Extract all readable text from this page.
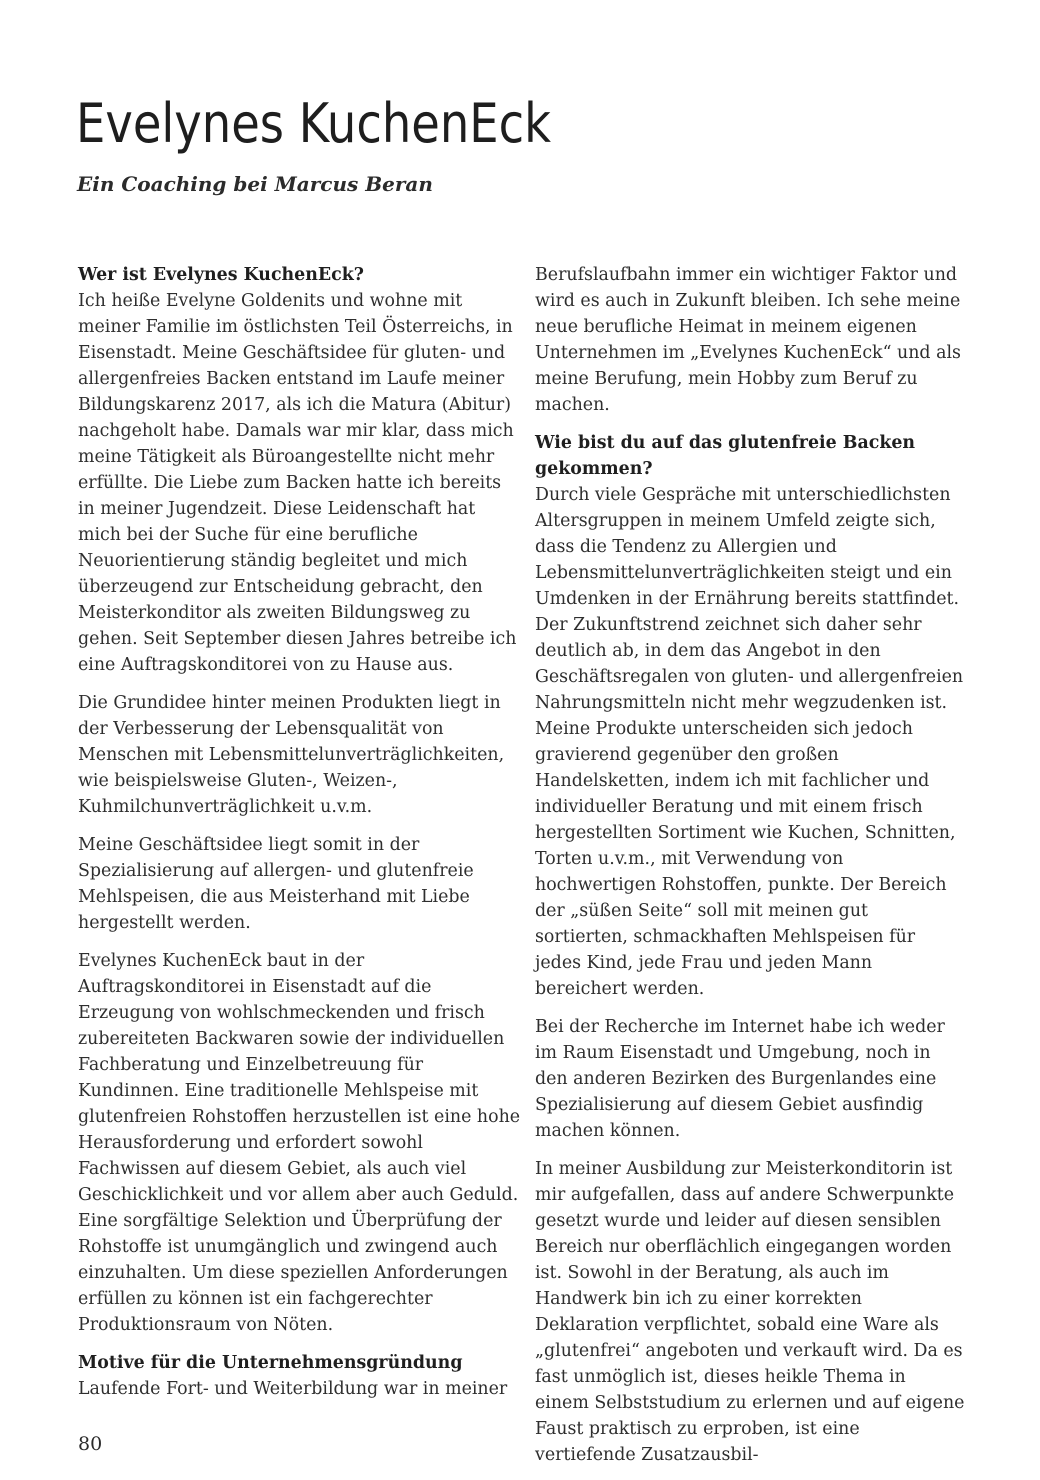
Evelynes KuchenEck
Ein Coaching bei Marcus Beran
Wer ist Evelynes KuchenEck?

Ich heiße Evelyne Goldenits und wohne mit meiner Familie im östlichsten Teil Österreichs, in Eisenstadt. Meine Geschäftsidee für gluten- und allergenfreies Backen entstand im Laufe meiner Bildungskarenz 2017, als ich die Matura (Abitur) nachgeholt habe. Damals war mir klar, dass mich meine Tätigkeit als Büroangestellte nicht mehr erfüllte. Die Liebe zum Backen hatte ich bereits in meiner Jugendzeit. Diese Leidenschaft hat mich bei der Suche für eine berufliche Neuorientierung ständig begleitet und mich überzeugend zur Entscheidung gebracht, den Meisterkonditor als zweiten Bildungsweg zu gehen. Seit September diesen Jahres betreibe ich eine Auftragskonditorei von zu Hause aus.

Die Grundidee hinter meinen Produkten liegt in der Verbesserung der Lebensqualität von Menschen mit Lebensmittelunverträglichkeiten, wie beispielsweise Gluten-, Weizen-, Kuhmilchunverträglichkeit u.v.m.

Meine Geschäftsidee liegt somit in der Spezialisierung auf allergen- und glutenfreie Mehlspeisen, die aus Meisterhand mit Liebe hergestellt werden.

Evelynes KuchenEck baut in der Auftragskonditorei in Eisenstadt auf die Erzeugung von wohlschmeckenden und frisch zubereiteten Backwaren sowie der individuellen Fachberatung und Einzelbetreuung für Kundinnen. Eine traditionelle Mehlspeise mit glutenfreien Rohstoffen herzustellen ist eine hohe Herausforderung und erfordert sowohl Fachwissen auf diesem Gebiet, als auch viel Geschicklichkeit und vor allem aber auch Geduld. Eine sorgfältige Selektion und Überprüfung der Rohstoffe ist unumgänglich und zwingend auch einzuhalten. Um diese speziellen Anforderungen erfüllen zu können ist ein fachgerechter Produktionsraum von Nöten.

Motive für die Unternehmensgründung

Laufende Fort- und Weiterbildung war in meiner

Berufslaufbahn immer ein wichtiger Faktor und wird es auch in Zukunft bleiben. Ich sehe meine neue berufliche Heimat in meinem eigenen Unternehmen im „Evelynes KuchenEck“ und als meine Berufung, mein Hobby zum Beruf zu machen.

Wie bist du auf das glutenfreie Backen gekommen?

Durch viele Gespräche mit unterschiedlichsten Altersgruppen in meinem Umfeld zeigte sich, dass die Tendenz zu Allergien und Lebensmittelunverträglichkeiten steigt und ein Umdenken in der Ernährung bereits stattfindet. Der Zukunftstrend zeichnet sich daher sehr deutlich ab, in dem das Angebot in den Geschäftsregalen von gluten- und allergenfreien Nahrungsmitteln nicht mehr wegzudenken ist. Meine Produkte unterscheiden sich jedoch gravierend gegenüber den großen Handelsketten, indem ich mit fachlicher und individueller Beratung und mit einem frisch hergestellten Sortiment wie Kuchen, Schnitten, Torten u.v.m., mit Verwendung von hochwertigen Rohstoffen, punkte. Der Bereich der „süßen Seite“ soll mit meinen gut sortierten, schmackhaften Mehlspeisen für jedes Kind, jede Frau und jeden Mann bereichert werden.

Bei der Recherche im Internet habe ich weder im Raum Eisenstadt und Umgebung, noch in den anderen Bezirken des Burgenlandes eine Spezialisierung auf diesem Gebiet ausfindig machen können.

In meiner Ausbildung zur Meisterkonditorin ist mir aufgefallen, dass auf andere Schwerpunkte gesetzt wurde und leider auf diesen sensiblen Bereich nur oberflächlich eingegangen worden ist. Sowohl in der Beratung, als auch im Handwerk bin ich zu einer korrekten Deklaration verpflichtet, sobald eine Ware als „glutenfrei“ angeboten und verkauft wird. Da es fast unmöglich ist, dieses heikle Thema in einem Selbststudium zu erlernen und auf eigene Faust praktisch zu erproben, ist eine vertiefende Zusatzausbil-

80
